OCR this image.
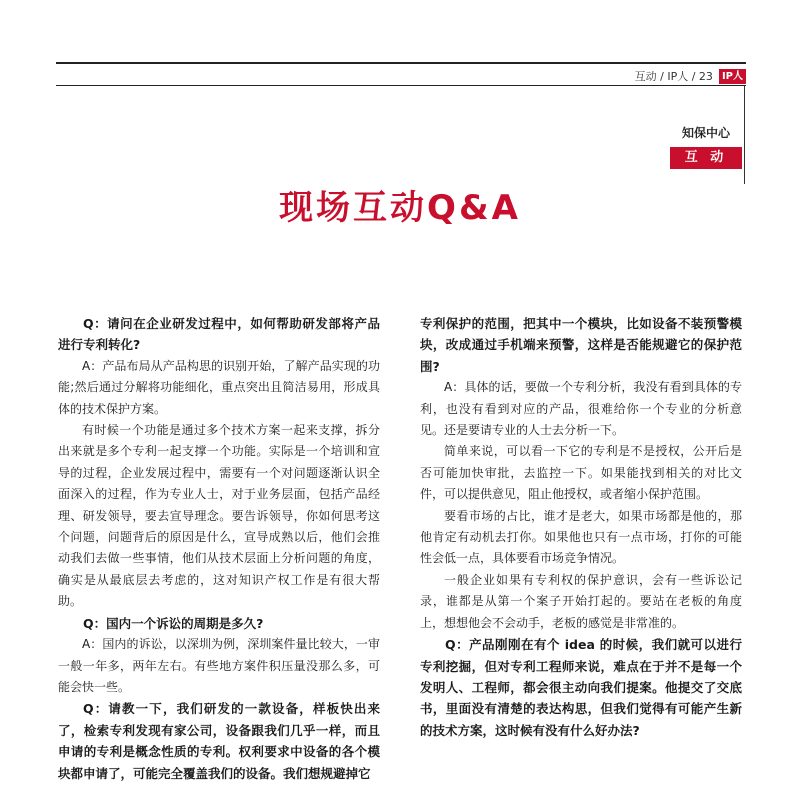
互动 / IP人 / 23 IP人
知保中心
互 动
现场互动Q&A

Q：请问在企业研发过程中，如何帮助研发部将产品进行专利转化?

A：产品布局从产品构思的识别开始，了解产品实现的功能;然后通过分解将功能细化，重点突出且简洁易用，形成具体的技术保护方案。

有时候一个功能是通过多个技术方案一起来支撑，拆分出来就是多个专利一起支撑一个功能。实际是一个培训和宣导的过程，企业发展过程中，需要有一个对问题逐渐认识全面深入的过程，作为专业人士，对于业务层面，包括产品经理、研发领导，要去宣导理念。要告诉领导，你如何思考这个问题，问题背后的原因是什么，宣导成熟以后，他们会推动我们去做一些事情，他们从技术层面上分析问题的角度，确实是从最底层去考虑的，这对知识产权工作是有很大帮助。

Q：国内一个诉讼的周期是多久?

A：国内的诉讼，以深圳为例，深圳案件量比较大，一审一般一年多，两年左右。有些地方案件积压量没那么多，可能会快一些。

Q：请教一下，我们研发的一款设备，样板快出来了，检索专利发现有家公司，设备跟我们几乎一样，而且申请的专利是概念性质的专利。权利要求中设备的各个模块都申请了，可能完全覆盖我们的设备。我们想规避掉它

专利保护的范围，把其中一个模块，比如设备不装预警模块，改成通过手机端来预警，这样是否能规避它的保护范围?

A：具体的话，要做一个专利分析，我没有看到具体的专利，也没有看到对应的产品，很难给你一个专业的分析意见。还是要请专业的人士去分析一下。

简单来说，可以看一下它的专利是不是授权，公开后是否可能加快审批，去监控一下。如果能找到相关的对比文件，可以提供意见，阻止他授权，或者缩小保护范围。

要看市场的占比，谁才是老大，如果市场都是他的，那他肯定有动机去打你。如果他也只有一点市场，打你的可能性会低一点，具体要看市场竞争情况。

一般企业如果有专利权的保护意识，会有一些诉讼记录，谁都是从第一个案子开始打起的。要站在老板的角度上，想想他会不会动手，老板的感觉是非常准的。

Q：产品刚刚在有个 idea 的时候，我们就可以进行专利挖掘，但对专利工程师来说，难点在于并不是每一个发明人、工程师，都会很主动向我们提案。他提交了交底书，里面没有清楚的表达构思，但我们觉得有可能产生新的技术方案，这时候有没有什么好办法?
